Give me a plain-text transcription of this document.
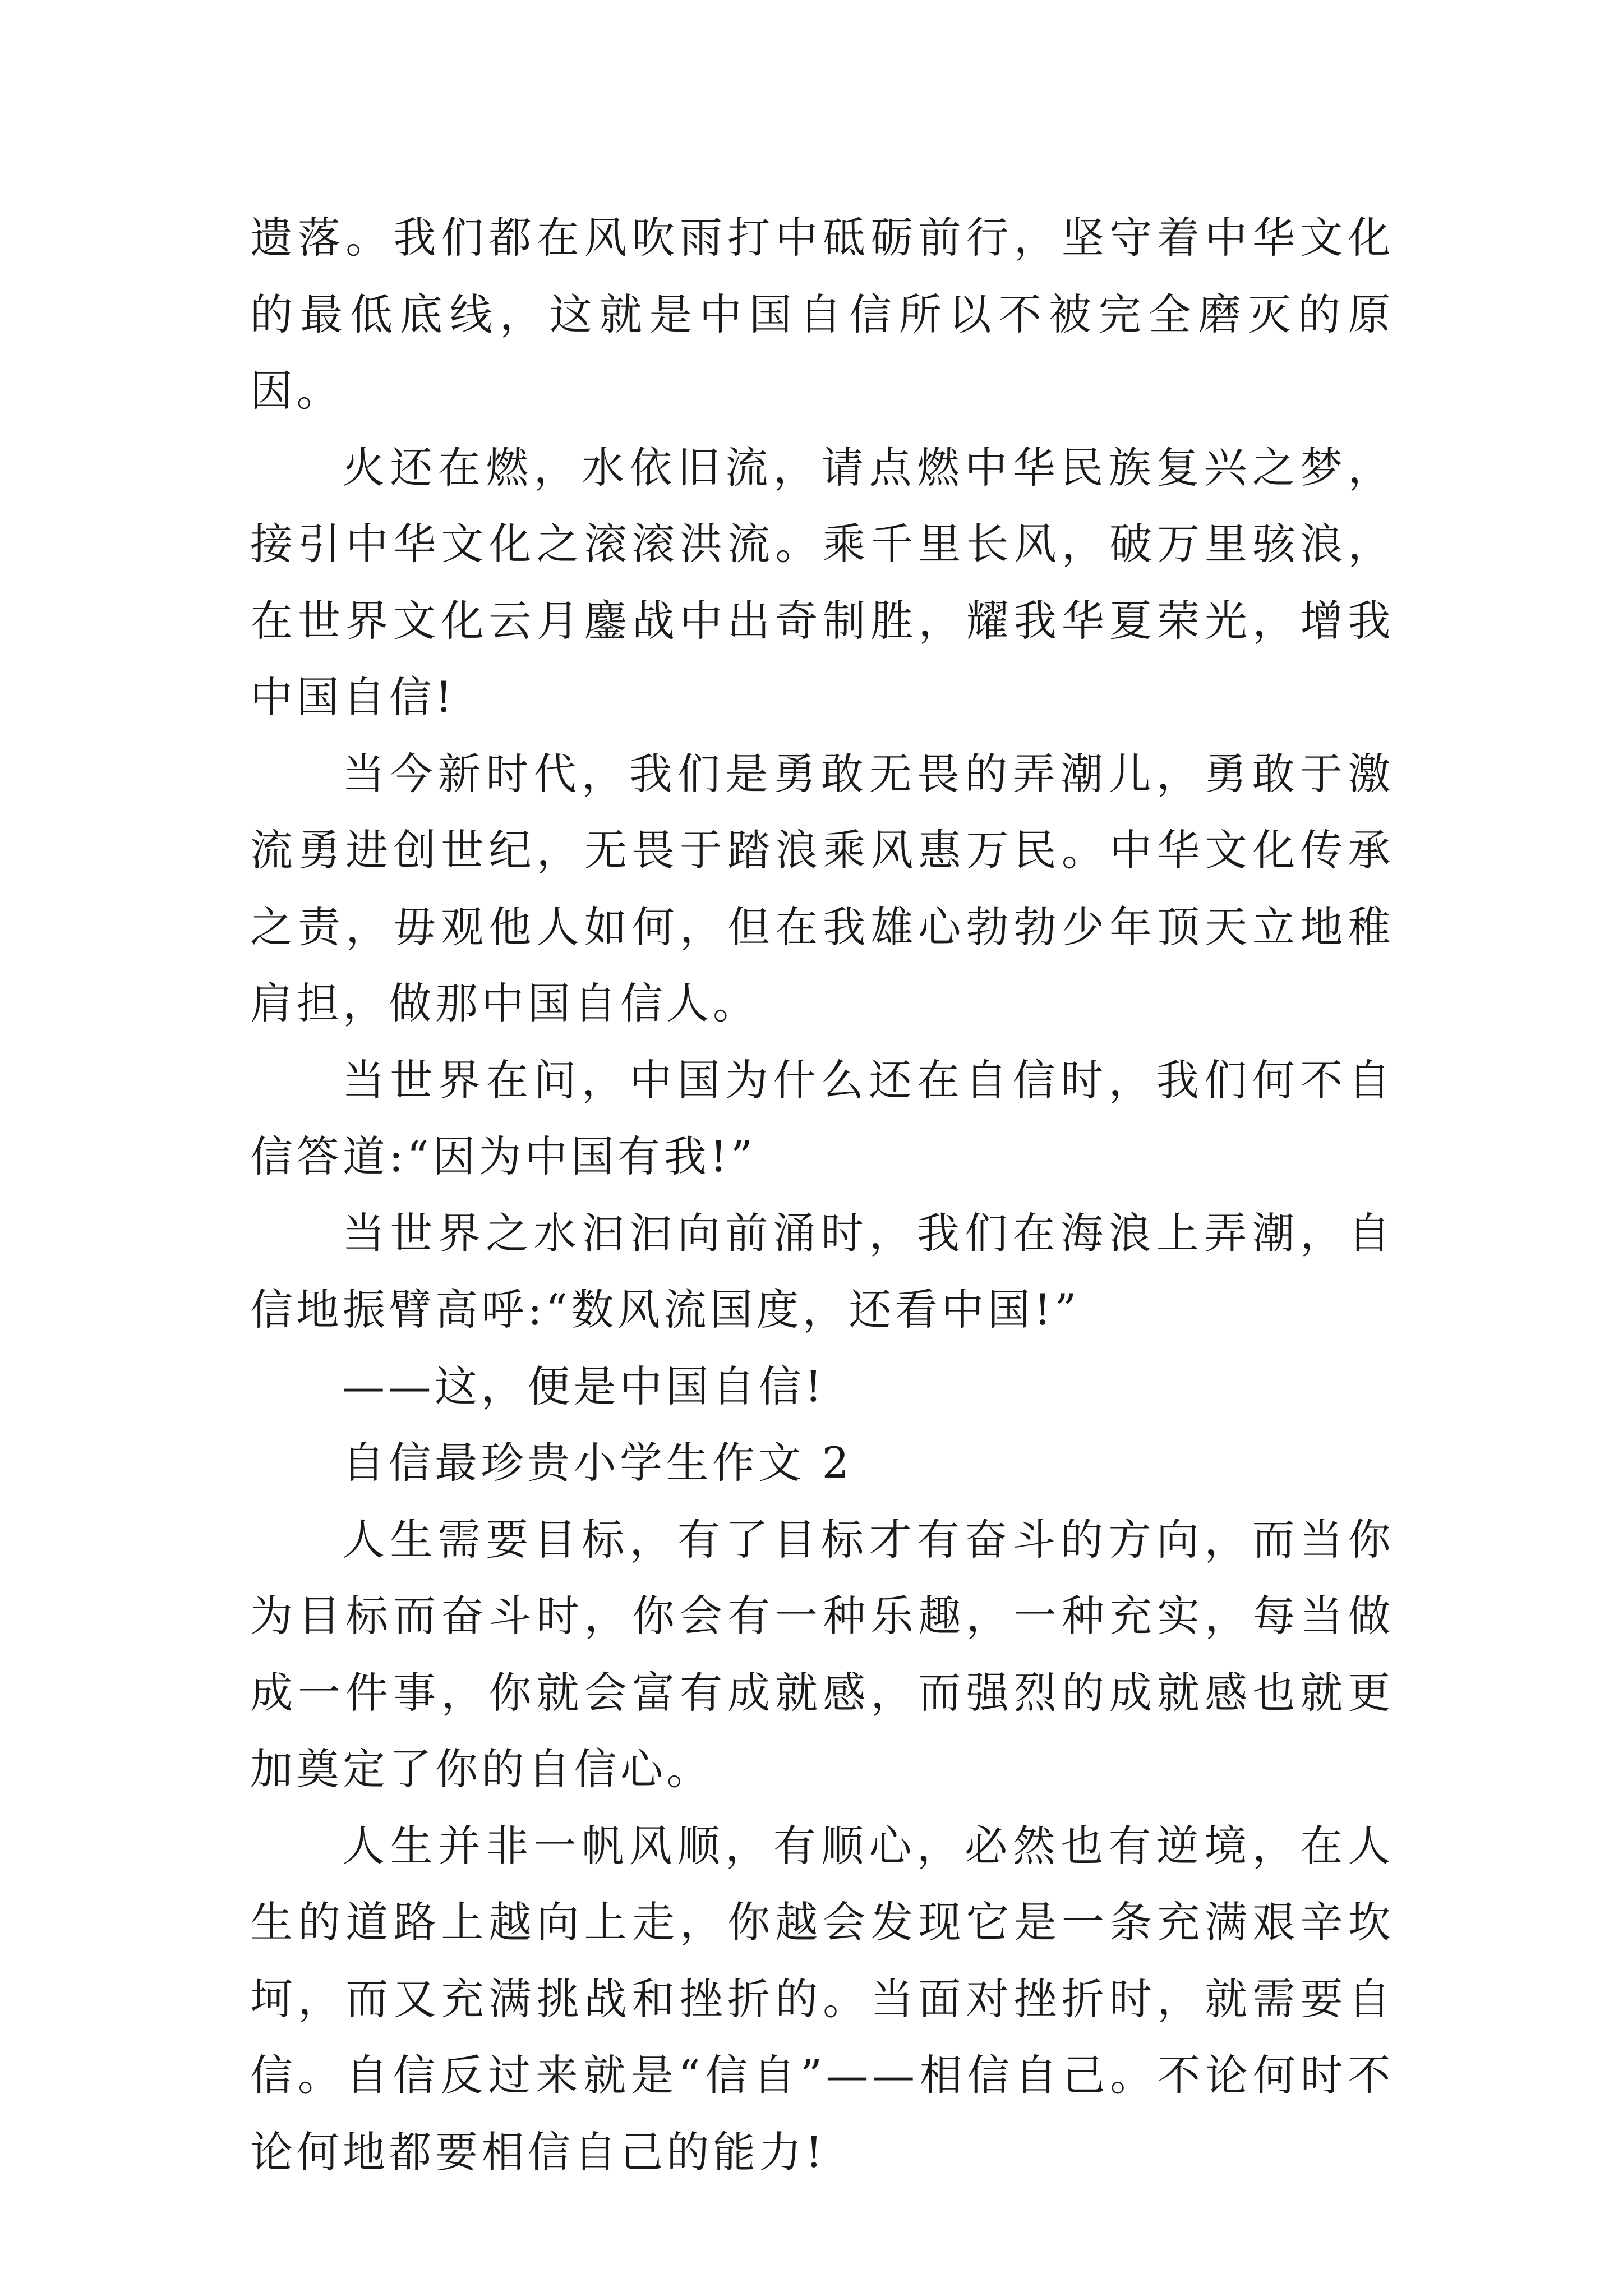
遗落。我们都在风吹雨打中砥砺前行，坚守着中华文化的最低底线，这就是中国自信所以不被完全磨灭的原因。

火还在燃，水依旧流，请点燃中华民族复兴之梦，接引中华文化之滚滚洪流。乘千里长风，破万里骇浪，在世界文化云月鏖战中出奇制胜，耀我华夏荣光，增我中国自信!

当今新时代，我们是勇敢无畏的弄潮儿，勇敢于激流勇进创世纪，无畏于踏浪乘风惠万民。中华文化传承之责，毋观他人如何，但在我雄心勃勃少年顶天立地稚肩担，做那中国自信人。

当世界在问，中国为什么还在自信时，我们何不自信答道:“因为中国有我!”

当世界之水汩汩向前涌时，我们在海浪上弄潮，自信地振臂高呼:“数风流国度，还看中国!”

——这，便是中国自信!

自信最珍贵小学生作文 2

人生需要目标，有了目标才有奋斗的方向，而当你为目标而奋斗时，你会有一种乐趣，一种充实，每当做成一件事，你就会富有成就感，而强烈的成就感也就更加奠定了你的自信心。

人生并非一帆风顺，有顺心，必然也有逆境，在人生的道路上越向上走，你越会发现它是一条充满艰辛坎坷，而又充满挑战和挫折的。当面对挫折时，就需要自信。自信反过来就是“信自”——相信自己。不论何时不论何地都要相信自己的能力!
